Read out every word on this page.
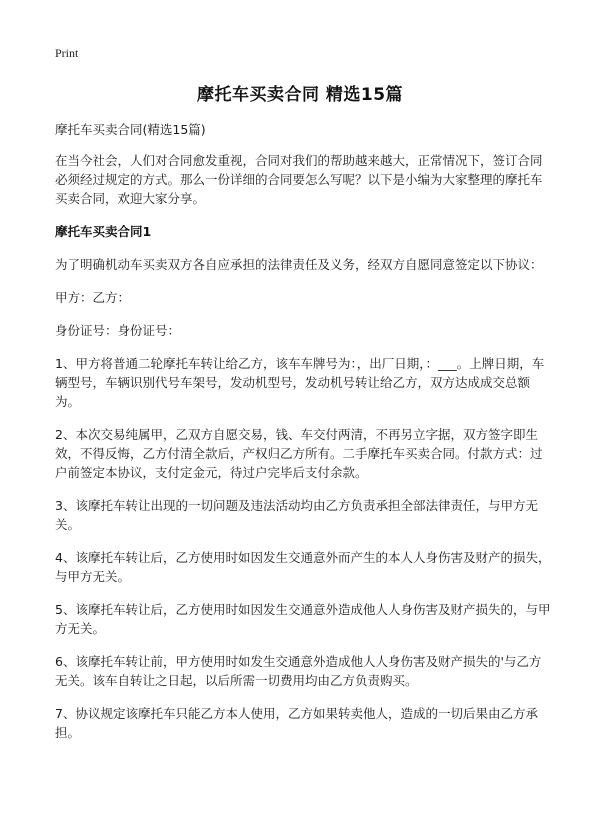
Print
摩托车买卖合同 精选15篇

摩托车买卖合同(精选15篇)

在当今社会，人们对合同愈发重视，合同对我们的帮助越来越大，正常情况下，签订合同必须经过规定的方式。那么一份详细的合同要怎么写呢？以下是小编为大家整理的摩托车买卖合同，欢迎大家分享。

摩托车买卖合同1

为了明确机动车买卖双方各自应承担的法律责任及义务，经双方自愿同意签定以下协议：

甲方：乙方：

身份证号：身份证号：

1、甲方将普通二轮摩托车转让给乙方，该车车牌号为：，出厂日期，：___。上牌日期，车辆型号，车辆识别代号车架号，发动机型号，发动机号转让给乙方，双方达成成交总额为。

2、本次交易纯属甲，乙双方自愿交易，钱、车交付两清，不再另立字据，双方签字即生效，不得反悔，乙方付清全款后，产权归乙方所有。二手摩托车买卖合同。付款方式：过户前签定本协议，支付定金元，待过户完毕后支付余款。

3、该摩托车转让出现的一切问题及违法活动均由乙方负责承担全部法律责任，与甲方无关。

4、该摩托车转让后，乙方使用时如因发生交通意外而产生的本人人身伤害及财产的损失，与甲方无关。

5、该摩托车转让后，乙方使用时如因发生交通意外造成他人人身伤害及财产损失的，与甲方无关。

6、该摩托车转让前，甲方使用时如发生交通意外造成他人人身伤害及财产损失的'与乙方无关。该车自转让之日起，以后所需一切费用均由乙方负责购买。

7、协议规定该摩托车只能乙方本人使用，乙方如果转卖他人，造成的一切后果由乙方承担。
